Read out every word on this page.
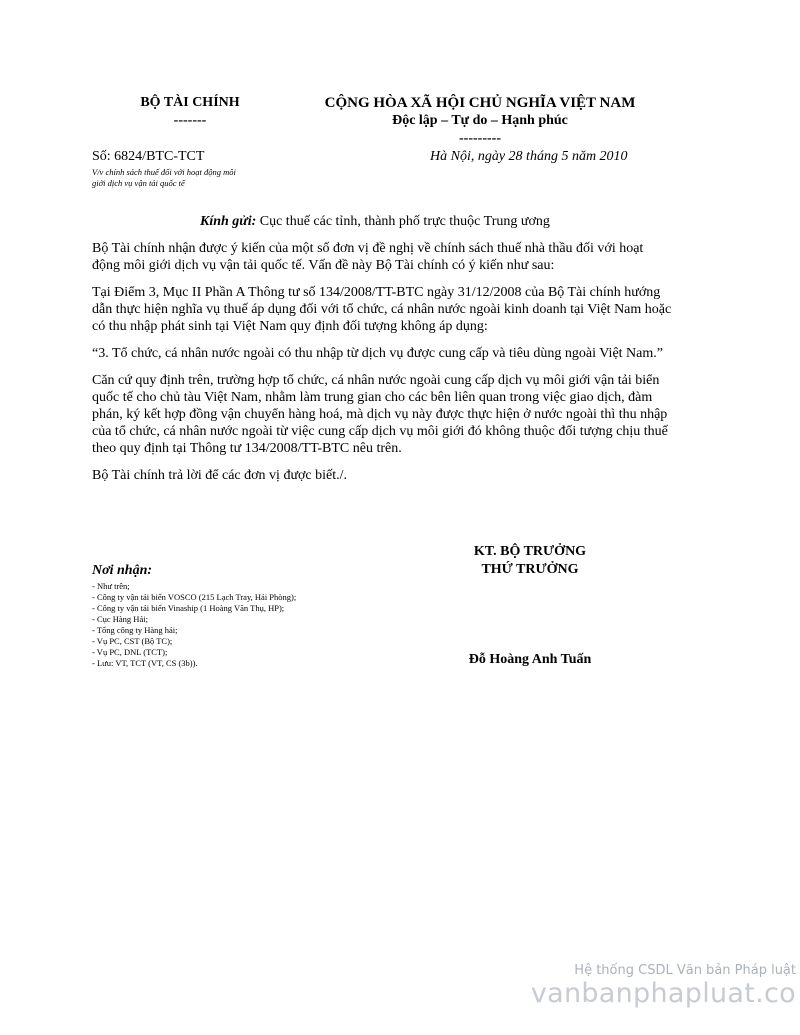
BỘ TÀI CHÍNH
-------
CỘNG HÒA XÃ HỘI CHỦ NGHĨA VIỆT NAM
Độc lập – Tự do – Hạnh phúc
---------
Số: 6824/BTC-TCT
V/v chính sách thuế đối với hoạt động môi
giới dịch vụ vận tải quốc tế
Hà Nội, ngày 28 tháng 5 năm 2010
Kính gửi: Cục thuế các tỉnh, thành phố trực thuộc Trung ương

Bộ Tài chính nhận được ý kiến của một số đơn vị đề nghị về chính sách thuế nhà thầu đối với hoạt động môi giới dịch vụ vận tải quốc tế. Vấn đề này Bộ Tài chính có ý kiến như sau:

Tại Điểm 3, Mục II Phần A Thông tư số 134/2008/TT-BTC ngày 31/12/2008 của Bộ Tài chính hướng dẫn thực hiện nghĩa vụ thuế áp dụng đối với tổ chức, cá nhân nước ngoài kinh doanh tại Việt Nam hoặc có thu nhập phát sinh tại Việt Nam quy định đối tượng không áp dụng:

“3. Tổ chức, cá nhân nước ngoài có thu nhập từ dịch vụ được cung cấp và tiêu dùng ngoài Việt Nam.”

Căn cứ quy định trên, trường hợp tổ chức, cá nhân nước ngoài cung cấp dịch vụ môi giới vận tải biển quốc tế cho chủ tàu Việt Nam, nhằm làm trung gian cho các bên liên quan trong việc giao dịch, đàm phán, ký kết hợp đồng vận chuyển hàng hoá, mà dịch vụ này được thực hiện ở nước ngoài thì thu nhập của tổ chức, cá nhân nước ngoài từ việc cung cấp dịch vụ môi giới đó không thuộc đối tượng chịu thuế theo quy định tại Thông tư 134/2008/TT-BTC nêu trên.

Bộ Tài chính trả lời để các đơn vị được biết./.

KT. BỘ TRƯỞNG
THỨ TRƯỞNG
Đỗ Hoàng Anh Tuấn
Nơi nhận:
- Như trên;
- Công ty vận tải biển VOSCO (215 Lạch Tray, Hải Phòng);
- Công ty vận tải biển Vinaship (1 Hoàng Văn Thụ, HP);
- Cục Hàng Hải;
- Tổng công ty Hàng hải;
- Vụ PC, CST (Bộ TC);
- Vụ PC, DNL (TCT);
- Lưu: VT, TCT (VT, CS (3b)).
Hệ thống CSDL Văn bản Pháp luật
vanbanphapluat.co
